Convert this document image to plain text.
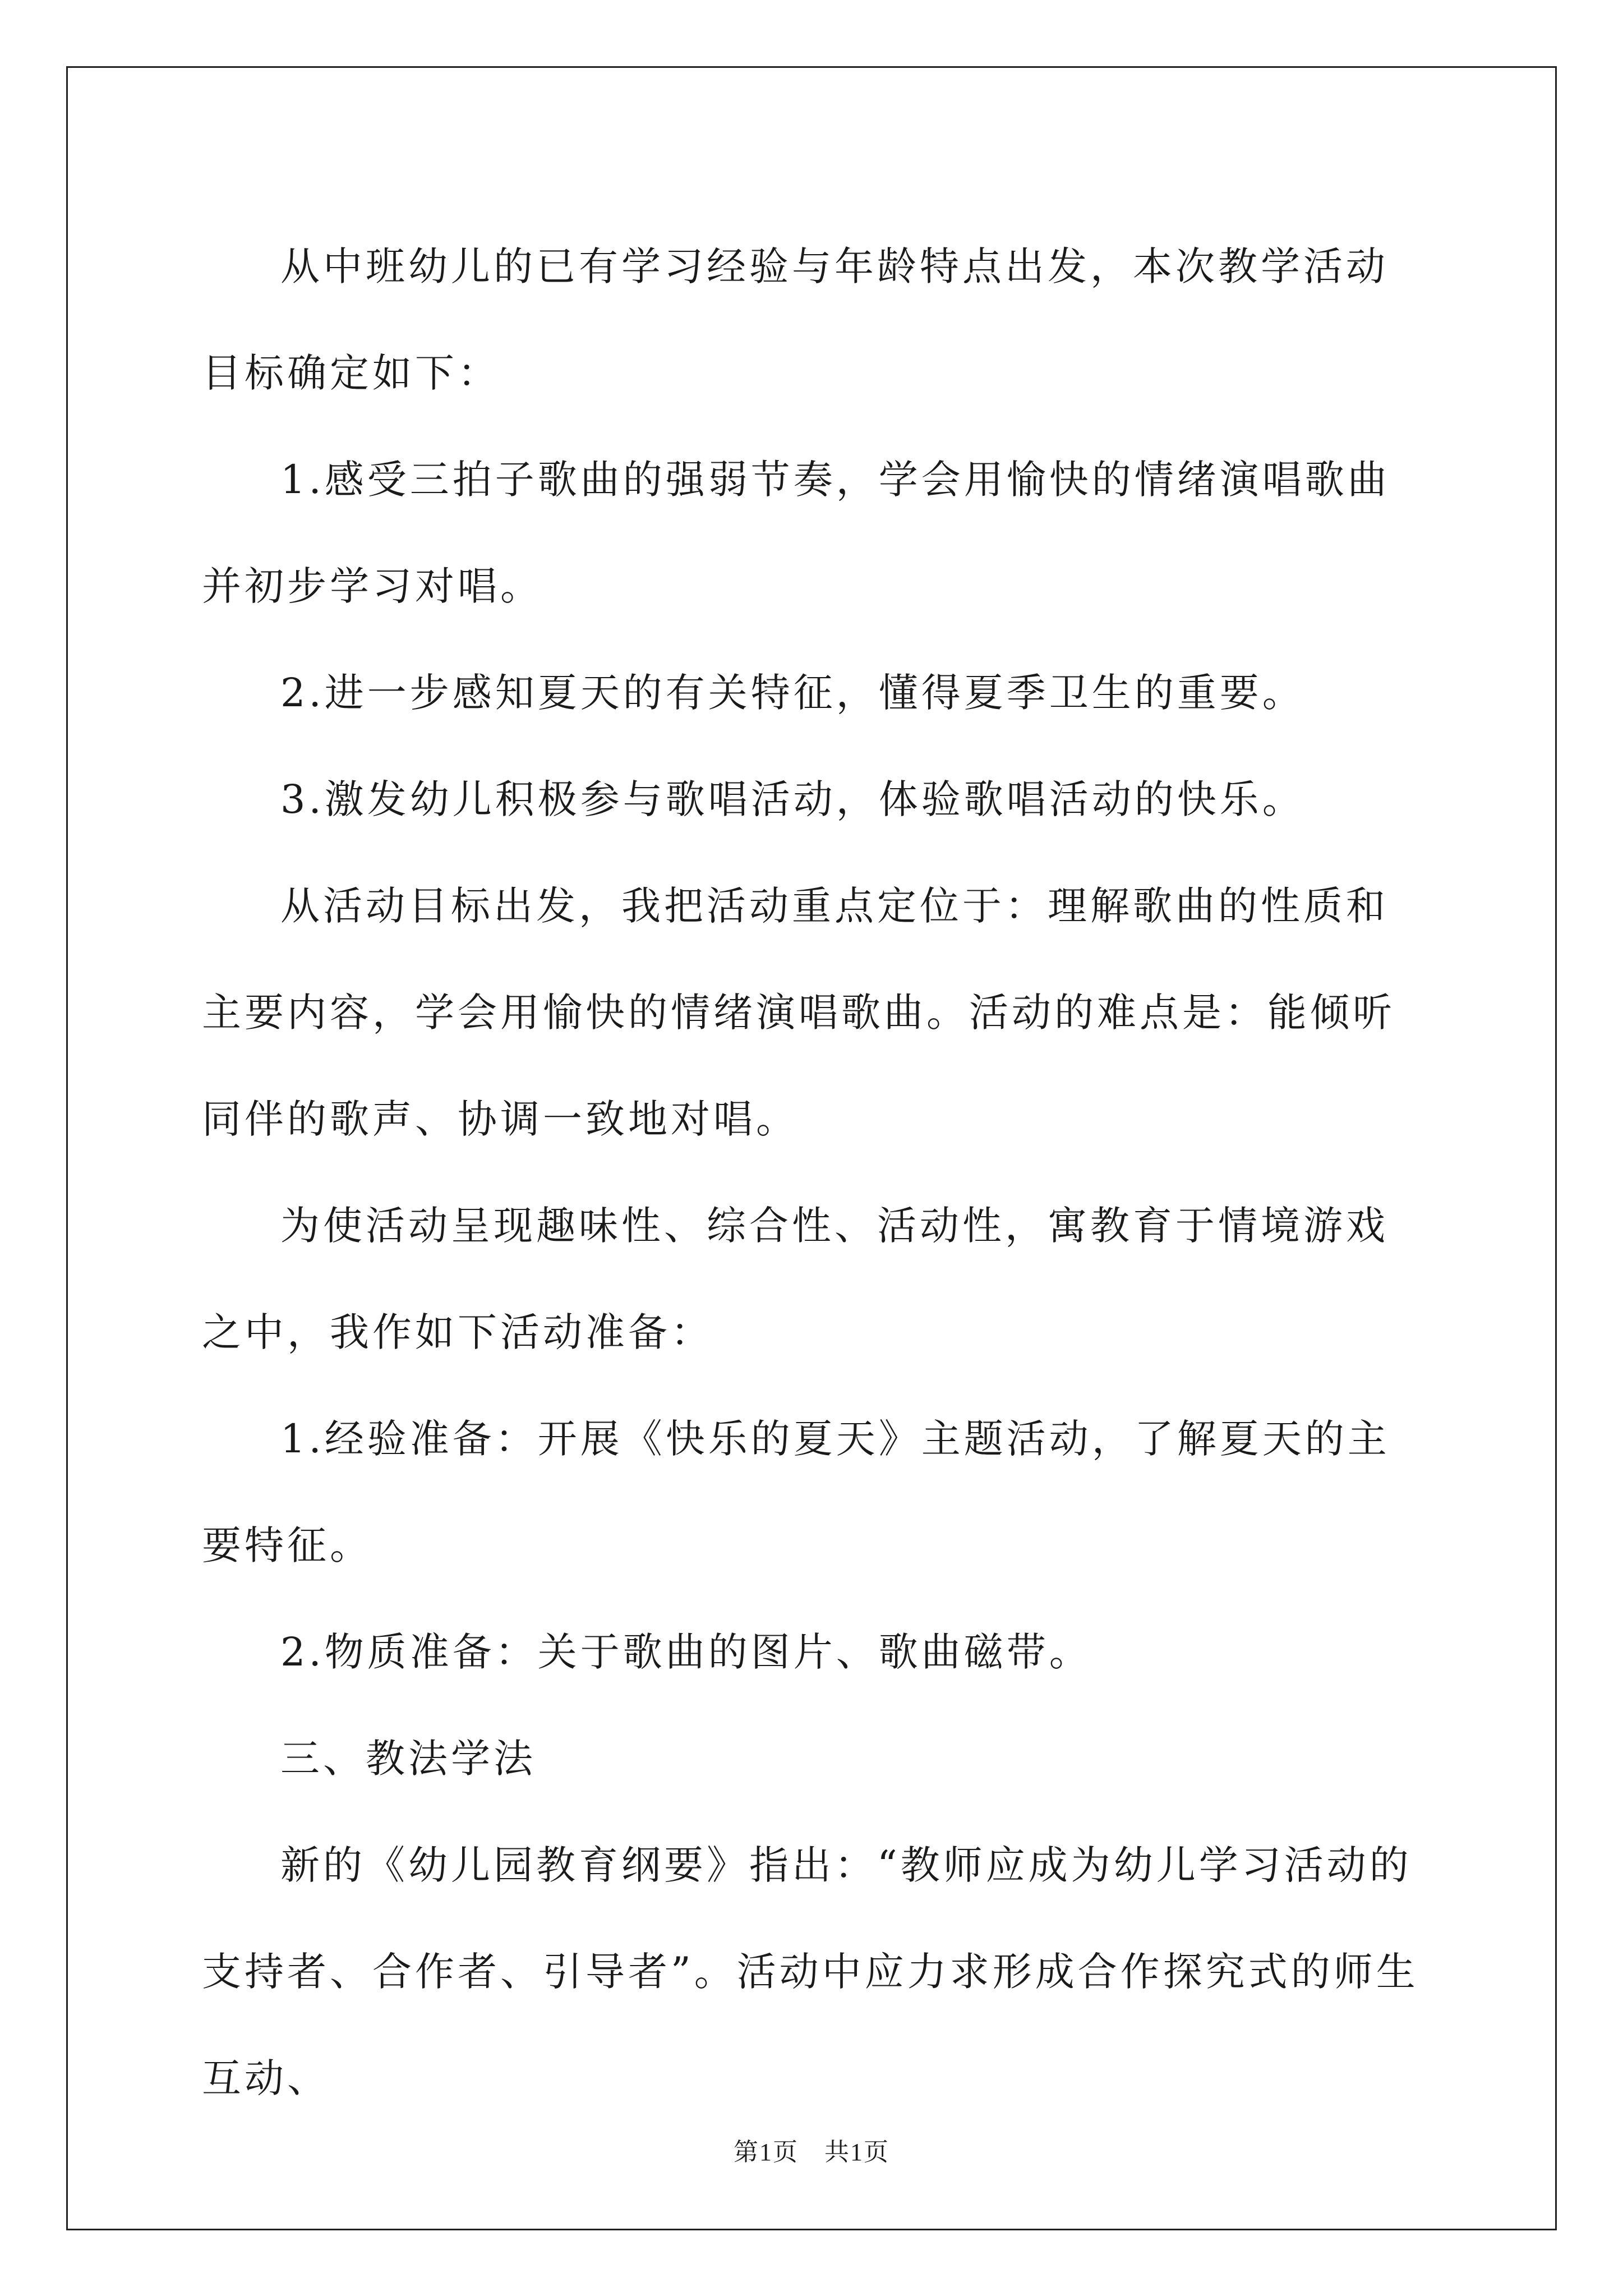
从中班幼儿的已有学习经验与年龄特点出发，本次教学活动目标确定如下：

1.感受三拍子歌曲的强弱节奏，学会用愉快的情绪演唱歌曲并初步学习对唱。

2.进一步感知夏天的有关特征，懂得夏季卫生的重要。

3.激发幼儿积极参与歌唱活动，体验歌唱活动的快乐。

从活动目标出发，我把活动重点定位于：理解歌曲的性质和主要内容，学会用愉快的情绪演唱歌曲。活动的难点是：能倾听同伴的歌声、协调一致地对唱。

为使活动呈现趣味性、综合性、活动性，寓教育于情境游戏之中，我作如下活动准备：

1.经验准备：开展《快乐的夏天》主题活动，了解夏天的主要特征。

2.物质准备：关于歌曲的图片、歌曲磁带。

三、教法学法

新的《幼儿园教育纲要》指出：“教师应成为幼儿学习活动的支持者、合作者、引导者”。活动中应力求形成合作探究式的师生互动、

第1页　共1页
